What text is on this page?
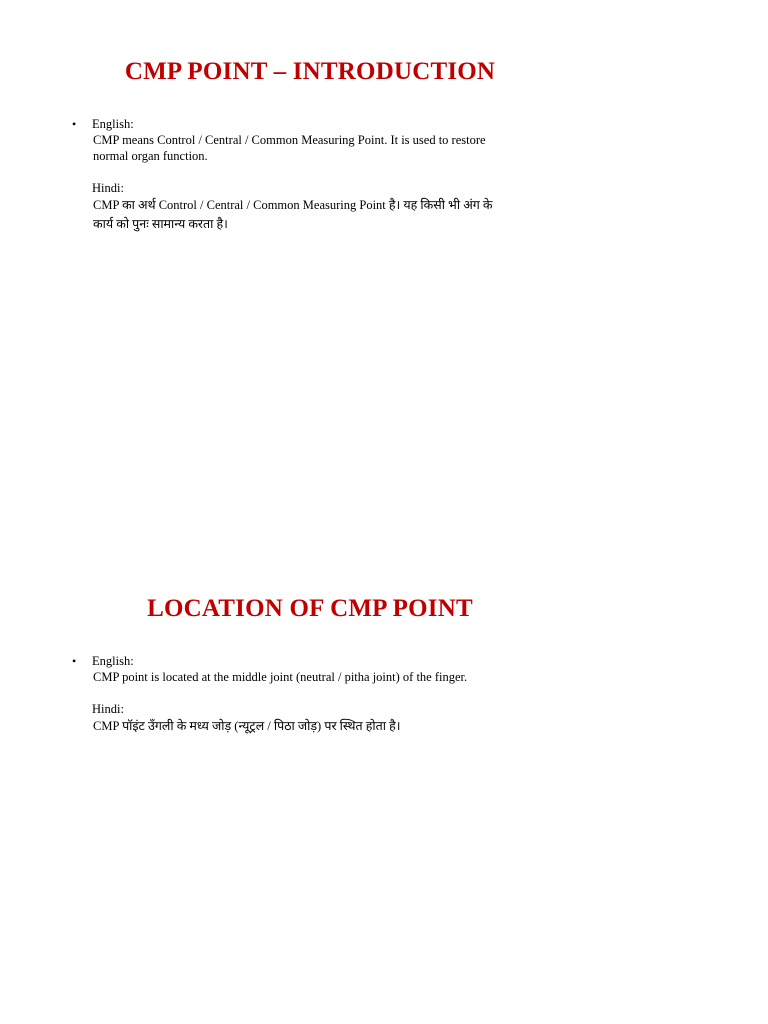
CMP POINT – INTRODUCTION
• English:
CMP means Control / Central / Common Measuring Point. It is used to restore
normal organ function.
Hindi:
CMP का अर्थ Control / Central / Common Measuring Point है। यह किसी भी अंग के
कार्य को पुनः सामान्य करता है।
LOCATION OF CMP POINT
• English:
CMP point is located at the middle joint (neutral / pitha joint) of the finger.
Hindi:
CMP पॉइंट उँगली के मध्य जोड़ (न्यूट्रल / पिठा जोड़) पर स्थित होता है।
